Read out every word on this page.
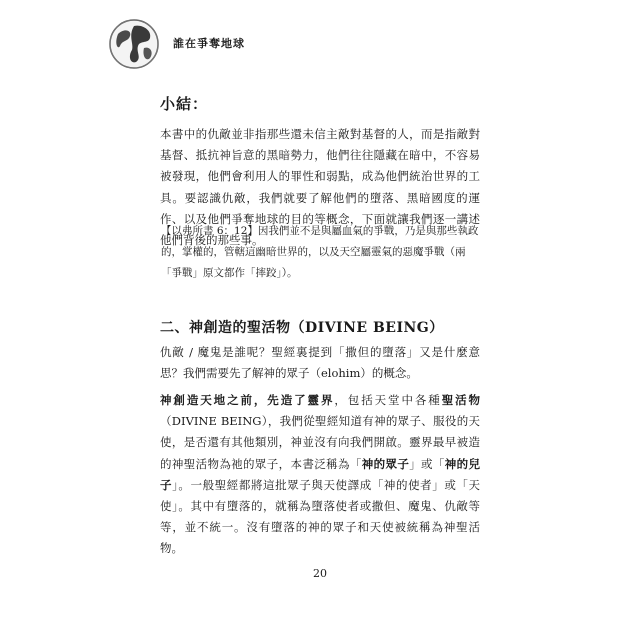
誰在爭奪地球
小結：
本書中的仇敵並非指那些還未信主敵對基督的人，而是指敵對基督、抵抗神旨意的黑暗勢力，他們往往隱藏在暗中，不容易被發現，他們會利用人的罪性和弱點，成為他們統治世界的工具。要認識仇敵，我們就要了解他們的墮落、黑暗國度的運作、以及他們爭奪地球的目的等概念，下面就讓我們逐一講述他們背後的那些事。
【以弗所書 6：12】因我們並不是與屬血氣的爭戰，乃是與那些執政的，掌權的，管轄這幽暗世界的，以及天空屬靈氣的惡魔爭戰（兩「爭戰」原文都作「摔跤」）。
二、神創造的聖活物（DIVINE BEING）
仇敵 / 魔鬼是誰呢？聖經裏提到「撒但的墮落」又是什麼意思？我們需要先了解神的眾子（elohim）的概念。
神創造天地之前，先造了靈界，包括天堂中各種聖活物（DIVINE BEING），我們從聖經知道有神的眾子、服役的天使，是否還有其他類別，神並沒有向我們開啟。靈界最早被造的神聖活物為祂的眾子，本書泛稱為「神的眾子」或「神的兒子」。一般聖經都將這批眾子與天使譯成「神的使者」或「天使」。其中有墮落的，就稱為墮落使者或撒但、魔鬼、仇敵等等，並不統一。沒有墮落的神的眾子和天使被統稱為神聖活物。
20
